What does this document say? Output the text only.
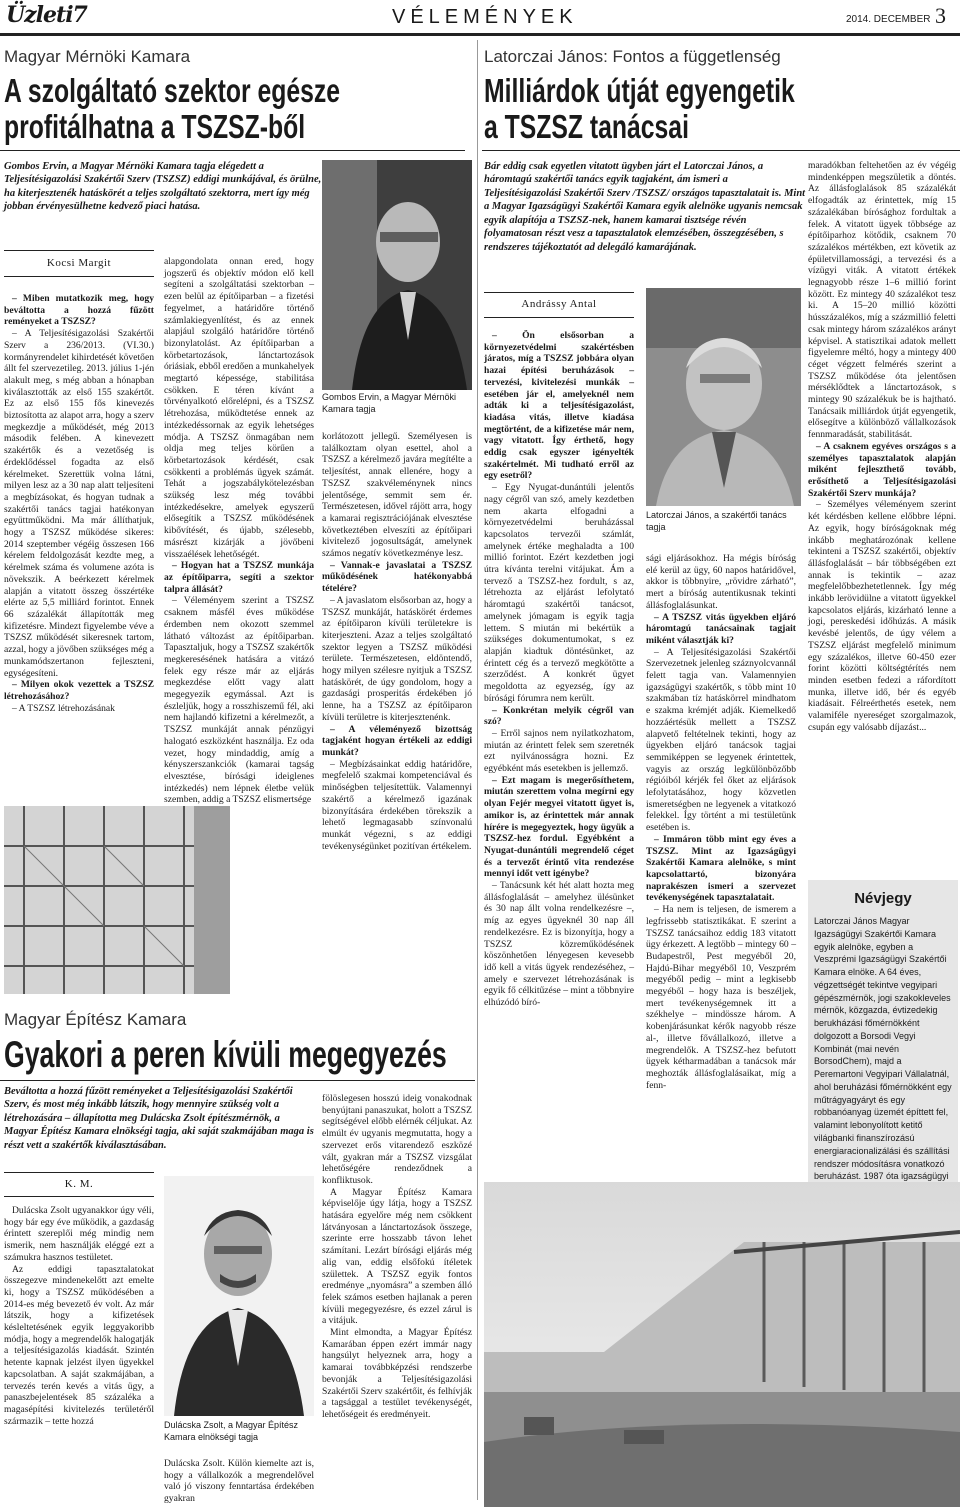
Üzleti7	VÉLEMÉNYEK	2014. DECEMBER 3
Magyar Mérnöki Kamara
A szolgáltató szektor egésze
profitálhatna a TSZSZ-ből
Gombos Ervin, a Magyar Mérnöki Kamara tagja elégedett a Teljesítésigazolási Szakértői Szerv (TSZSZ) eddigi munkájával, és örülne, ha kiterjesztenék hatáskörét a teljes szolgáltató szektorra, mert így még jobban érvényesülhetne kedvező piaci hatása.
Kocsi Margit

– Miben mutatkozik meg, hogy beváltotta a hozzá fűzött reményeket a TSZSZ?

– A Teljesítésigazolási Szakértői Szerv a 236/2013. (VI.30.) kormányrendelet kihirdetését követően állt fel szervezetileg. 2013. július 1-jén alakult meg, s még abban a hónapban kiválasztották az első 155 szakértőt. Ez az első 155 fős kinevezés biztosította az alapot arra, hogy a szerv megkezdje a működését, még 2013 második felében. A kinevezett szakértők és a vezetőség is érdeklődéssel fogadta az első kérelmeket. Szerettük volna látni, milyen lesz az a 30 nap alatt teljesíteni a megbízásokat, és hogyan tudnak a szakértői tanács tagjai hatékonyan együttműködni. Ma már állíthatjuk, hogy a TSZSZ működése sikeres: 2014 szeptember végéig összesen 166 kérelem feldolgozását kezdte meg, a kérelmek száma és volumene azóta is növekszik. A beérkezett kérelmek alapján a vitatott összeg összértéke elérte az 5,5 milliárd forintot. Ennek 66 százalékát állapították meg kifizetésre. Mindezt figyelembe véve a TSZSZ működését sikeresnek tartom, azzal, hogy a jövőben szükséges még a munkamódszertanon fejleszteni, egységesíteni.

– Milyen okok vezettek a TSZSZ létrehozásához?

– A TSZSZ létrehozásának

alapgondolata onnan ered, hogy jogszerű és objektív módon elő kell segíteni a szolgáltatási szektorban – ezen belül az építőiparban – a fizetési fegyelmet, a határidőre történő számlakiegyenlítést, és az ennek alapjául szolgáló határidőre történő bizonylatolást. Az építőiparban a körbetartozások, lánctartozások óriásiak, ebből eredően a munkahelyek megtartó képessége, stabilitása csökken. E téren kívánt a törvényalkotó előrelépni, és a TSZSZ létrehozása, működtetése ennek az intézkedéssornak az egyik lehetséges módja. A TSZSZ önmagában nem oldja meg teljes körűen a körbetartozások kérdését, csak csökkenti a problémás ügyek számát. Tehát a jogszabálykötelezésban szükség lesz még további intézkedésekre, amelyek egyszerű elősegítik a TSZSZ működésének kibővítését, és újabb, szélesebb, másrészt kizárják a jövőbeni visszaélések lehetőségét.

– Hogyan hat a TSZSZ munkája az építőiparra, segíti a szektor talpra állását?

– Véleményem szerint a TSZSZ csaknem másfél éves működése érdemben nem okozott szemmel látható változást az építőiparban. Tapasztaljuk, hogy a TSZSZ szakértők megkeresésének hatására a vitázó felek egy része már az eljárás megkezdése előtt vagy alatt megegyezik egymással. Azt is észleljük, hogy a rosszhiszemű fél, aki nem hajlandó kifizetni a kérelmezőt, a TSZSZ munkáját annak pénzügyi halogató eszközként használja. Ez oda vezet, hogy mindaddig, amíg a kényszerszankciók (kamarai tagság elvesztése, bírósági ideiglenes intézkedés) nem lépnek életbe velük szemben, addig a TSZSZ elismertsége

Gombos Ervin, a Magyar Mérnöki Kamara tagja

korlátozott jellegű. Személyesen is találkoztam olyan esettel, ahol a TSZSZ a kérelmező javára megítélte a teljesítést, annak ellenére, hogy a TSZSZ szakvéleménynek nincs jelentősége, semmit sem ér. Természetesen, idővel rájött arra, hogy a kamarai regisztrációjának elvesztése következtében elveszíti az építőipari kivitelező jogosultságát, amelynek számos negatív következménye lesz.

– Vannak-e javaslatai a TSZSZ működésének hatékonyabbá tételére?

– A javaslatom elsősorban az, hogy a TSZSZ munkáját, hatáskörét érdemes az építőiparon kívüli területekre is kiterjeszteni. Azaz a teljes szolgáltató szektor legyen a TSZSZ működési területe. Természetesen, eldöntendő, hogy milyen szélesre nyitjuk a TSZSZ hatáskörét, de úgy gondolom, hogy a gazdasági prosperitás érdekében jó lenne, ha a TSZSZ az építőiparon kívüli területre is kiterjesztenénk.

– A véleményező bizottság tagjaként hogyan értékeli az eddigi munkát?

– Megbízásainkat eddig határidőre, megfelelő szakmai kompetenciával és minőségben teljesítettük. Valamennyi szakértő a kérelmező igazának bizonyítására érdekében törekszik a lehető legmagasabb színvonalú munkát végezni, s az eddigi tevékenységünket pozitívan értékelem.

Magyar Építész Kamara
Gyakori a peren kívüli megegyezés
Beváltotta a hozzá fűzött reményeket a Teljesítésigazolási Szakértői Szerv, és most még inkább látszik, hogy mennyire szükség volt a létrehozására – állapította meg Dulácska Zsolt építészmérnök, a Magyar Építész Kamara elnökségi tagja, aki saját szakmájában maga is részt vett a szakértők kiválasztásában.
K. M.

Dulácska Zsolt ugyanakkor úgy véli, hogy bár egy éve működik, a gazdaság érintett szereplői még mindig nem ismerik, nem használják eléggé ezt a számukra hasznos testületet.

Az eddigi tapasztalatokat összegezve mindenekelőtt azt emelte ki, hogy a TSZSZ működésében a 2014-es még bevezető év volt. Az már látszik, hogy a kifizetések késleltetésének egyik leggyakoribb módja, hogy a megrendelők halogatják a teljesítésigazolás kiadását. Szintén hetente kapnak jelzést ilyen ügyekkel kapcsolatban. A saját szakmájában, a tervezés terén kevés a vitás ügy, a panaszbejelentések 85 százaléka a magasépítési kivitelezés területéről származik – tette hozzá	Dulácska Zsolt, a Magyar Építész Kamara elnökségi tagja

Dulácska Zsolt. Külön kiemelte azt is, hogy a vállalkozók a megrendelővel való jó viszony fenntartása érdekében gyakran

fölöslegesen hosszú ideig vonakodnak benyújtani panaszukat, holott a TSZSZ segítségével előbb elérnék céljukat. Az elmúlt év ugyanis megmutatta, hogy a szervezet erős vitarendező eszközé vált, gyakran már a TSZSZ vizsgálat lehetőségére rendeződnek a konfliktusok.

A Magyar Építész Kamara képviselője úgy látja, hogy a TSZSZ hatására egyelőre még nem csökkent látványosan a lánctartozások összege, szerinte erre hosszabb távon lehet számítani. Lezárt bírósági eljárás még alig van, eddig elsőfokú ítéletek születtek. A TSZSZ egyik fontos eredménye „nyomásra” a szemben álló felek számos esetben hajlanak a peren kívüli megegyezésre, és ezzel zárul is a vitájuk.

Mint elmondta, a Magyar Építész Kamarában éppen ezért immár nagy hangsúlyt helyeznek arra, hogy a kamarai továbbképzési rendszerbe bevonják a Teljesítésigazolási Szakértői Szerv szakértőit, és felhívják a tagsággal a testület tevékenységét, lehetőségeit és eredményeit.

Latorczai János: Fontos a függetlenség
Milliárdok útját egyengetik
a TSZSZ tanácsai
Bár eddig csak egyetlen vitatott ügyben járt el Latorczai János, a háromtagú szakértői tanács egyik tagjaként, ám ismeri a Teljesítésigazolási Szakértői Szerv /TSZSZ/ országos tapasztalatait is. Mint a Magyar Igazságügyi Szakértői Kamara egyik alelnöke ugyanis nemcsak egyik alapítója a TSZSZ-nek, hanem kamarai tisztsége révén folyamatosan részt vesz a tapasztalatok elemzésében, összegzésében, s rendszeres tájékoztatót ad delegáló kamarájának.
Andrássy Antal

– Ön elsősorban a környezetvédelmi szakértésben járatos, míg a TSZSZ jobbára olyan hazai építési beruházások – tervezési, kivitelezési munkák – esetében jár el, amelyeknél nem adták ki a teljesítésigazolást, kiadása vitás, illetve kiadása megtörtént, de a kifizetése már nem, vagy vitatott. Így érthető, hogy eddig csak egyszer igényelték szakértelmét. Mi tudható erről az egy esetről?

– Egy Nyugat-dunántúli jelentős nagy cégről van szó, amely kezdetben nem akarta elfogadni a környezetvédelmi beruházással kapcsolatos tervezői számlát, amelynek értéke meghaladta a 100 millió forintot. Ezért kezdetben jogi útra kívánta terelni vitájukat. Ám a tervező a TSZSZ-hez fordult, s az, létrehozta az eljárást lefolytató háromtagú szakértői tanácsot, amelynek jómagam is egyik tagja lettem. S miután mi bekértük a szükséges dokumentumokat, s ez alapján kiadtuk döntésünket, az érintett cég és a tervező megkötötte a szerződést. A konkrét ügyet megoldotta az egyezség, így az bírósági fórumra nem került.

– Konkrétan melyik cégről van szó?

– Erről sajnos nem nyilatkozhatom, miután az érintett felek sem szeretnék ezt nyilvánosságra hozni. Ez egyébként más esetekben is jellemző.

– Ezt magam is megerősíthetem, miután szerettem volna megírni egy olyan Fejér megyei vitatott ügyet is, amikor is, az érintettek már annak hírére is megegyeztek, hogy ügyük a TSZSZ-hez fordul. Egyébként a Nyugat-dunántúli megrendelő céget és a tervezőt érintő vita rendezése mennyi időt vett igénybe?

– Tanácsunk két hét alatt hozta meg állásfoglalását – amelyhez ülésünket és 30 nap állt volna rendelkezésre –, míg az egyes ügyeknél 30 nap áll rendelkezésre. Ez is bizonyítja, hogy a TSZSZ közreműködésének köszönhetően lényegesen kevesebb idő kell a vitás ügyek rendezéséhez, – amely e szervezet létrehozásának is egyik fő célkitűzése – mint a többnyire elhúzódó bíró-

Latorczai János, a szakértői tanács tagja

sági eljárásokhoz. Ha mégis bíróság elé kerül az ügy, 60 napos határidővel, akkor is többnyire, „rövidre zárható”, mert a bíróság autentikusnak tekinti állásfoglalásunkat.

– A TSZSZ vitás ügyekben eljáró háromtagú tanácsainak tagjait miként választják ki?

– A Teljesítésigazolási Szakértői Szervezetnek jelenleg száznyolcvannál felett tagja van. Valamennyien igazságügyi szakértők, s több mint 10 szakmában tíz hatáskörrel mindhatom e szakma krémjét adják. Kiemelkedő hozzáértésük mellett a TSZSZ alapvető feltételnek tekinti, hogy az ügyekben eljáró tanácsok tagjai semmiképpen se legyenek érintettek, vagyis az ország legkülönbözőbb régióiból kérjék fel őket az eljárások lefolytatásához, hogy közvetlen ismeretségben ne legyenek a vitatkozó felekkel. Így történt a mi testületünk esetében is.

– Immáron több mint egy éves a TSZSZ. Mint az Igazságügyi Szakértői Kamara alelnöke, s mint kapcsolattartó, bizonyára naprakészen ismeri a szervezet tevékenységének tapasztalatait.

– Ha nem is teljesen, de ismerem a legfrissebb statisztikákat. E szerint a TSZSZ tanácsaihoz eddig 183 vitatott ügy érkezett. A legtöbb – mintegy 60 – Budapestről, Pest megyéből 20, Hajdú-Bihar megyéből 10, Veszprém megyéből pedig – mint a legkisebb megyéből – hogy haza is beszéljek, mert tevékenységemnek itt a székhelye – mindössze három. A kobenjárásunkat kérők nagyobb része al-, illetve fővállalkozó, illetve a megrendelők. A TSZSZ-hez befutott ügyek kétharmadában a tanácsok már meghozták állásfoglalásaikat, míg a fenn-

maradókban feltehetően az év végéig mindenképpen megszületik a döntés. Az állásfoglalások 85 százalékát elfogadták az érintettek, míg 15 százalékában bírósághoz fordultak a felek. A vitatott ügyek többsége az építőiparhoz kötődik, csaknem 70 százalékos mértékben, ezt követik az épületvillamossági, a tervezési és a vízügyi viták. A vitatott értékek legnagyobb része 1–6 millió forint között. Ez mintegy 40 százalékot tesz ki. A 15–20 millió közötti hússzázalékos, míg a százmillió feletti csak mintegy három százalékos arányt képvisel. A statisztikai adatok mellett figyelemre méltó, hogy a mintegy 400 céget végzett felmérés szerint a TSZSZ működése óta jelentősen mérséklődtek a lánctartozások, s mintegy 90 százalékuk be is hajtható. Tanácsaik milliárdok útját egyengetik, elősegítve a különböző vállalkozások fennmaradását, stabilitását.

– A csaknem egyéves országos s a személyes tapasztalatok alapján miként fejleszthető tovább, erősíthető a Teljesítésigazolási Szakértői Szerv munkája?

– Személyes véleményem szerint két kérdésben kellene előbbre lépni. Az egyik, hogy bíróságoknak még inkább meghatározónak kellene tekinteni a TSZSZ szakértői, objektív állásfoglalását – bár többségében ezt annak is tekintik – azaz megfelelőbbezhetetlennek. Így még inkább lerövidülne a vitatott ügyekkel kapcsolatos eljárás, kizárható lenne a jogi, pereskedési időhúzás. A másik kevésbé jelentős, de úgy vélem a TSZSZ eljárást megfelelő minimum egy százalékos, illetve 60-450 ezer forint közötti költségtérítés nem minden esetben fedezi a ráfordított munka, illetve idő, bér és egyéb kiadásait. Félreérthetés esetek, nem valamiféle nyereséget szorgalmazok, csupán egy valósabb díjazást...

Névjegy
Latorczai János Magyar Igazságügyi Szakértői Kamara egyik alelnöke, egyben a Veszprémi Igazságügyi Szakértői Kamara elnöke. A 64 éves, végzettségét tekintve vegyipari gépészmérnök, jogi szakokleveles mérnök, közgazda, évtizedekig berukházási főmérnökként dolgozott a Borsodi Vegyi Kombinát (mai nevén BorsodChem), majd a Peremartoni Vegyipari Vállalatnál, ahol beruházási főmérnökként egy műtrágyagyáryt és egy robbanóanyag üzemét építtett fel, valamint lebonyolított ketitő világbanki finanszírozású energiaracionalizálási és szállítási rendszer módosításra vonatkozó beruházást. 1987 óta igazságügyi
